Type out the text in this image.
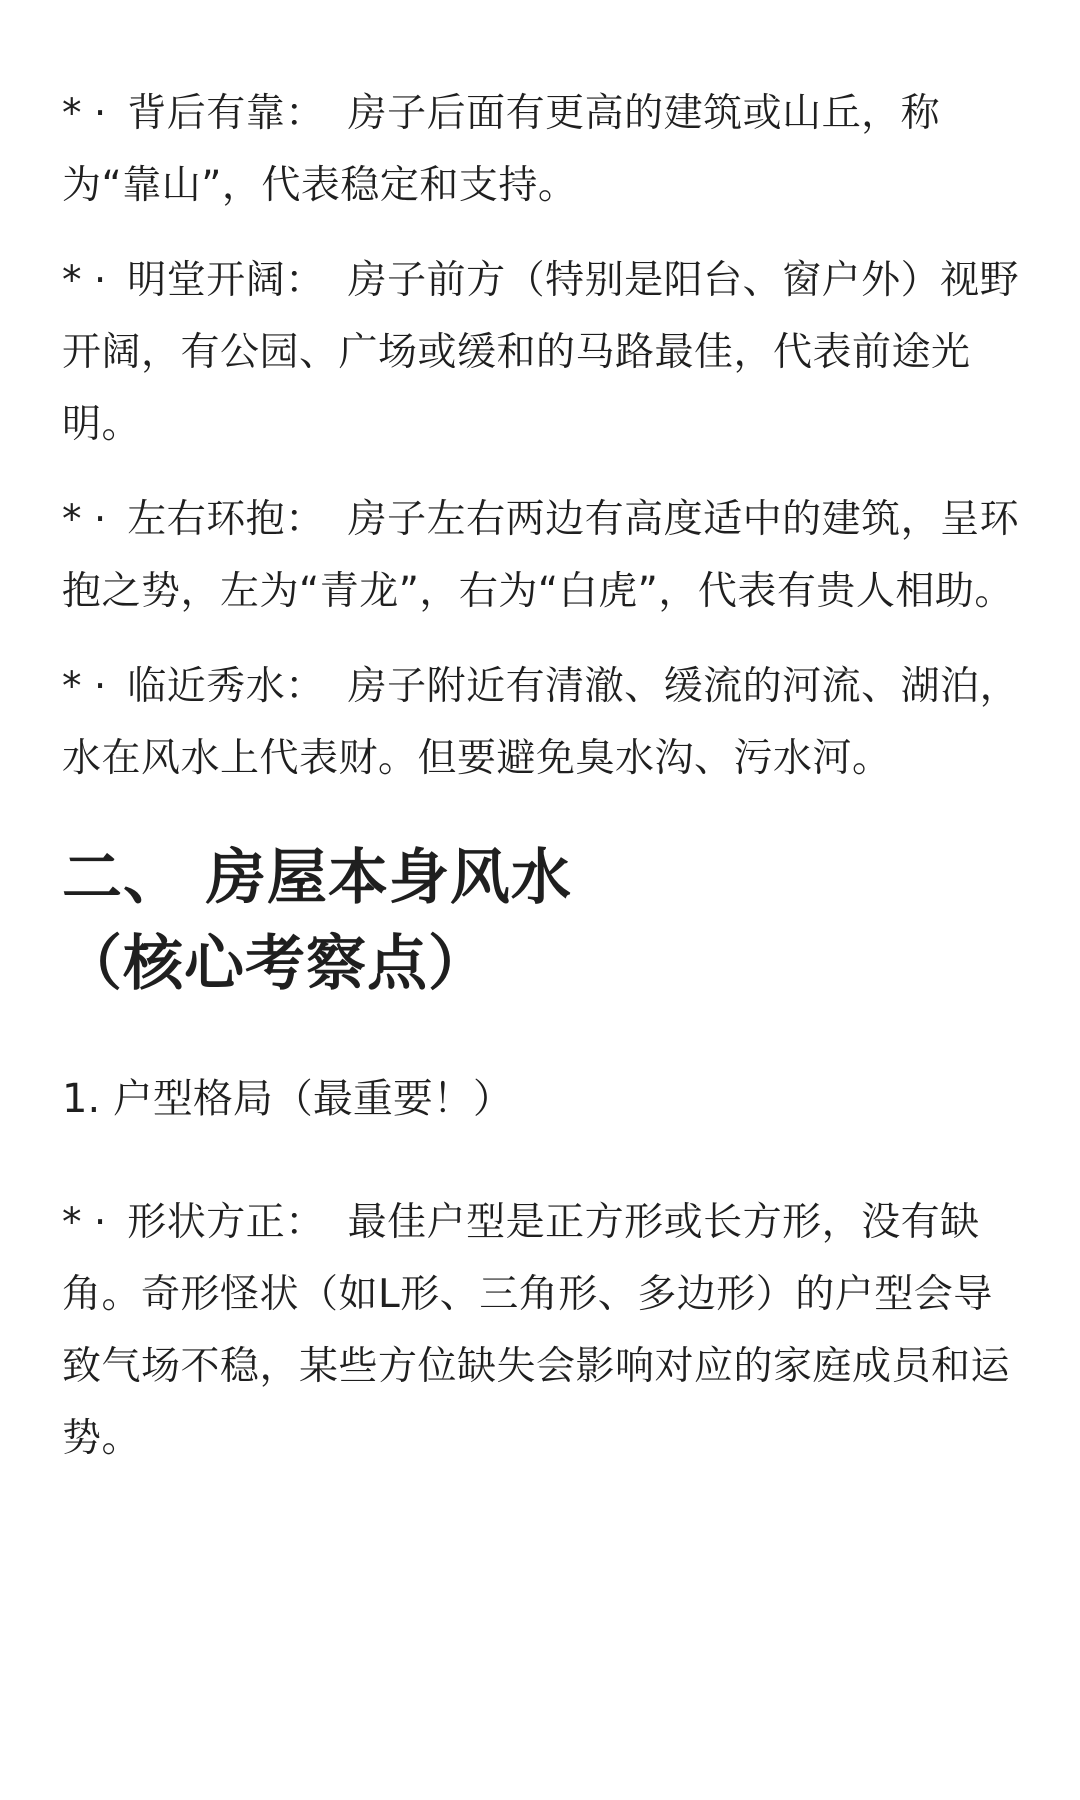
* · 背后有靠： 房子后面有更高的建筑或山丘，称为“靠山”，代表稳定和支持。

* · 明堂开阔： 房子前方（特别是阳台、窗户外）视野开阔，有公园、广场或缓和的马路最佳，代表前途光明。

* · 左右环抱： 房子左右两边有高度适中的建筑，呈环抱之势，左为“青龙”，右为“白虎”，代表有贵人相助。

* · 临近秀水： 房子附近有清澈、缓流的河流、湖泊，水在风水上代表财。但要避免臭水沟、污水河。

二、 房屋本身风水
（核心考察点）

1. 户型格局（最重要！）

* · 形状方正： 最佳户型是正方形或长方形，没有缺角。奇形怪状（如L形、三角形、多边形）的户型会导致气场不稳，某些方位缺失会影响对应的家庭成员和运势。
